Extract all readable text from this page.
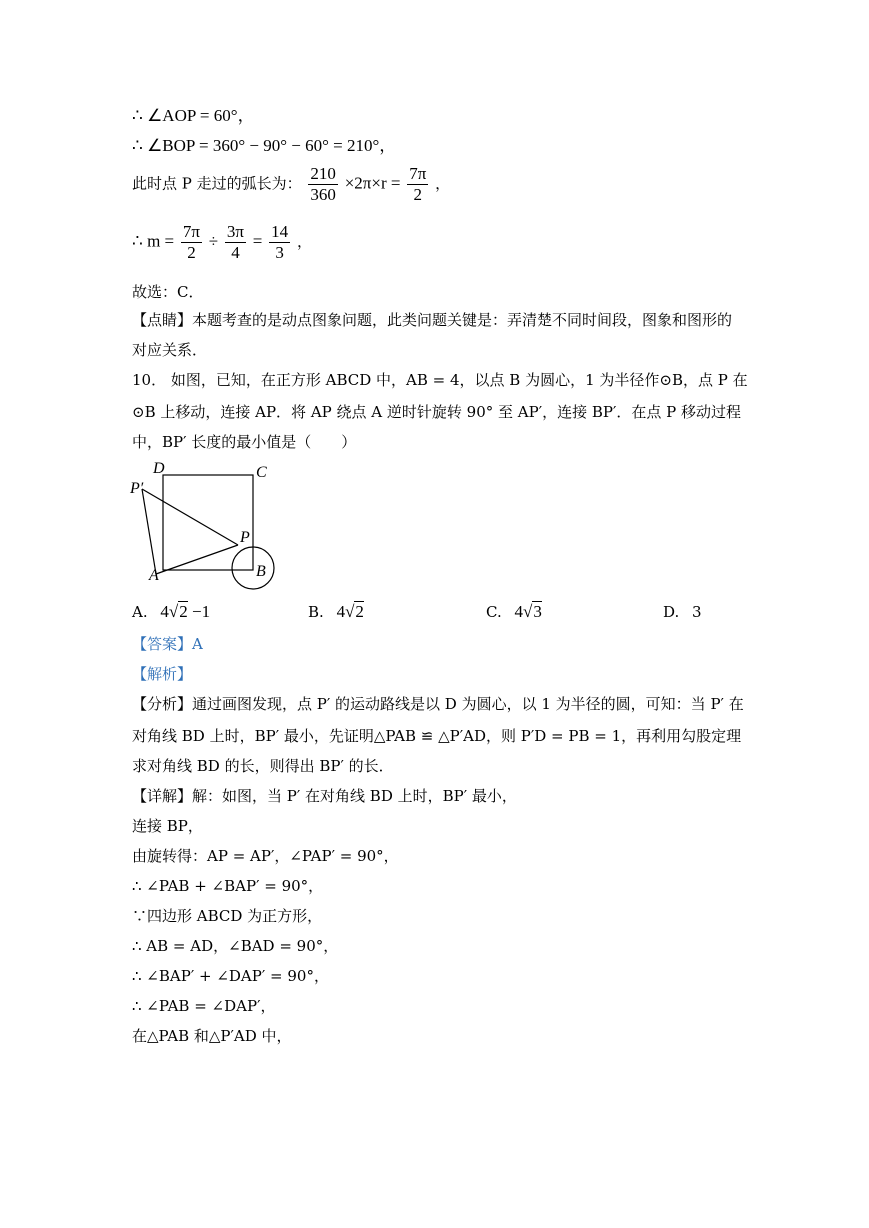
∴ ∠AOP = 60°，
∴ ∠BOP = 360° − 90° − 60° = 210°，
此时点 P 走过的弧长为： $\frac{210}{360} \times 2\pi\times r = \frac{7\pi}{2}$ ，
∴ $m = \frac{7\pi}{2} \div \frac{3\pi}{4} = \frac{14}{3}$ ，
故选：C．
【点睛】本题考查的是动点图象问题，此类问题关键是：弄清楚不同时间段，图象和图形的
对应关系．
10． 如图，已知，在正方形 ABCD 中，AB = 4，以点 B 为圆心，1 为半径作⊙B，点 P 在
⊙B 上移动，连接 AP．将 AP 绕点 A 逆时针旋转 90° 至 AP′，连接 BP′．在点 P 移动过程
中，BP′ 长度的最小值是（　　）
D	C
P′
P
A	B
A. 4√2 −1	B. 4√2	C. 4√3	D. 3
【答案】A
【解析】
【分析】通过画图发现，点 P′ 的运动路线是以 D 为圆心，以 1 为半径的圆，可知：当 P′ 在
对角线 BD 上时，BP′ 最小，先证明△PAB ≌ △P′AD，则 P′D = PB = 1，再利用勾股定理
求对角线 BD 的长，则得出 BP′ 的长．
【详解】解：如图，当 P′ 在对角线 BD 上时，BP′ 最小，
连接 BP，
由旋转得：AP = AP′，∠PAP′ = 90°，
∴ ∠PAB + ∠BAP′ = 90°，
∵四边形 ABCD 为正方形，
∴ AB = AD，∠BAD = 90°，
∴ ∠BAP′ + ∠DAP′ = 90°，
∴ ∠PAB = ∠DAP′，
在△PAB 和△P′AD 中，
